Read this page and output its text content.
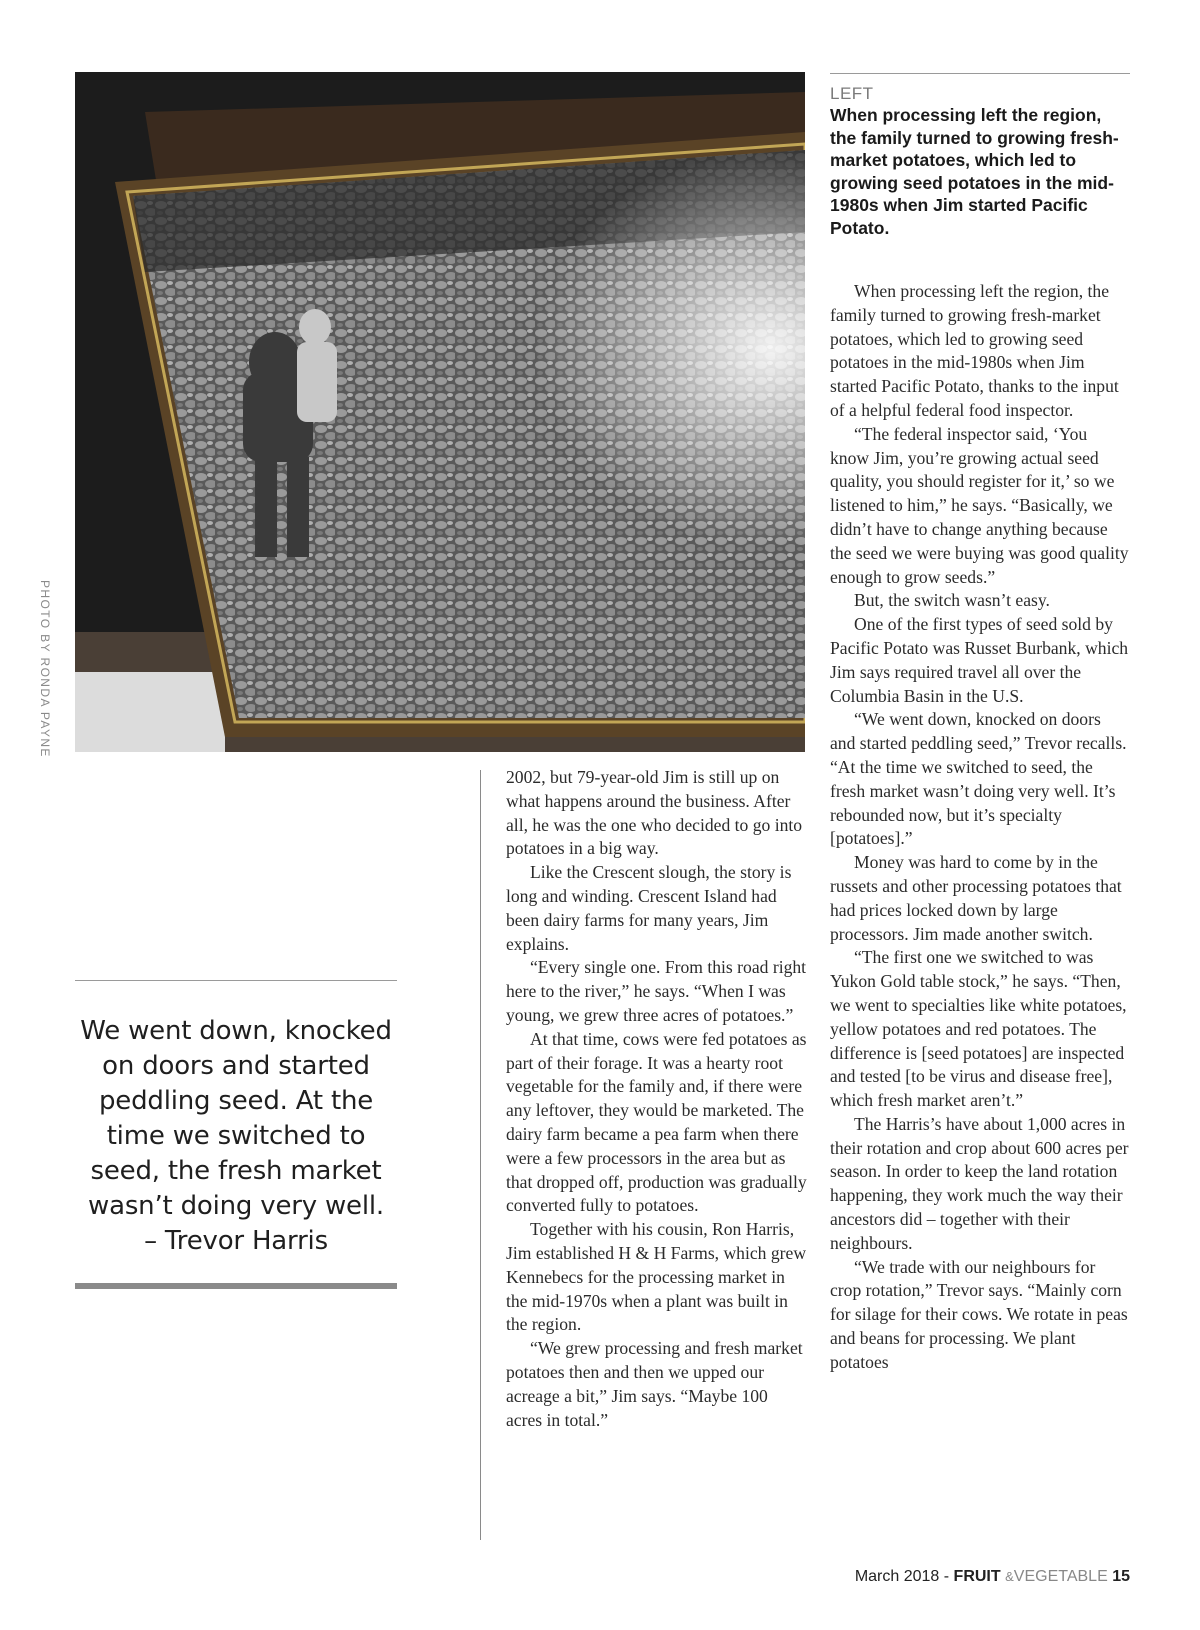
PHOTO BY RONDA PAYNE
LEFT
When processing left the region, the family turned to growing fresh-market potatoes, which led to growing seed potatoes in the mid-1980s when Jim started Pacific Potato.
We went down, knocked on doors and started peddling seed. At the time we switched to seed, the fresh market wasn’t doing very well.
– Trevor Harris

2002, but 79-year-old Jim is still up on what happens around the business. After all, he was the one who decided to go into potatoes in a big way.

Like the Crescent slough, the story is long and winding. Crescent Island had been dairy farms for many years, Jim explains.

“Every single one. From this road right here to the river,” he says. “When I was young, we grew three acres of potatoes.”

At that time, cows were fed potatoes as part of their forage. It was a hearty root vegetable for the family and, if there were any leftover, they would be marketed. The dairy farm became a pea farm when there were a few processors in the area but as that dropped off, production was gradually converted fully to potatoes.

Together with his cousin, Ron Harris, Jim established H & H Farms, which grew Kennebecs for the processing market in the mid-1970s when a plant was built in the region.

“We grew processing and fresh market potatoes then and then we upped our acreage a bit,” Jim says. “Maybe 100 acres in total.”

When processing left the region, the family turned to growing fresh-market potatoes, which led to growing seed potatoes in the mid-1980s when Jim started Pacific Potato, thanks to the input of a helpful federal food inspector.

“The federal inspector said, ‘You know Jim, you’re growing actual seed quality, you should register for it,’ so we listened to him,” he says. “Basically, we didn’t have to change anything because the seed we were buying was good quality enough to grow seeds.”

But, the switch wasn’t easy.

One of the first types of seed sold by Pacific Potato was Russet Burbank, which Jim says required travel all over the Columbia Basin in the U.S.

“We went down, knocked on doors and started peddling seed,” Trevor recalls. “At the time we switched to seed, the fresh market wasn’t doing very well. It’s rebounded now, but it’s specialty [potatoes].”

Money was hard to come by in the russets and other processing potatoes that had prices locked down by large processors. Jim made another switch.

“The first one we switched to was Yukon Gold table stock,” he says. “Then, we went to specialties like white potatoes, yellow potatoes and red potatoes. The difference is [seed potatoes] are inspected and tested [to be virus and disease free], which fresh market aren’t.”

The Harris’s have about 1,000 acres in their rotation and crop about 600 acres per season. In order to keep the land rotation happening, they work much the way their ancestors did – together with their neighbours.

“We trade with our neighbours for crop rotation,” Trevor says. “Mainly corn for silage for their cows. We rotate in peas and beans for processing. We plant potatoes

March 2018 - FRUIT &VEGETABLE 15
